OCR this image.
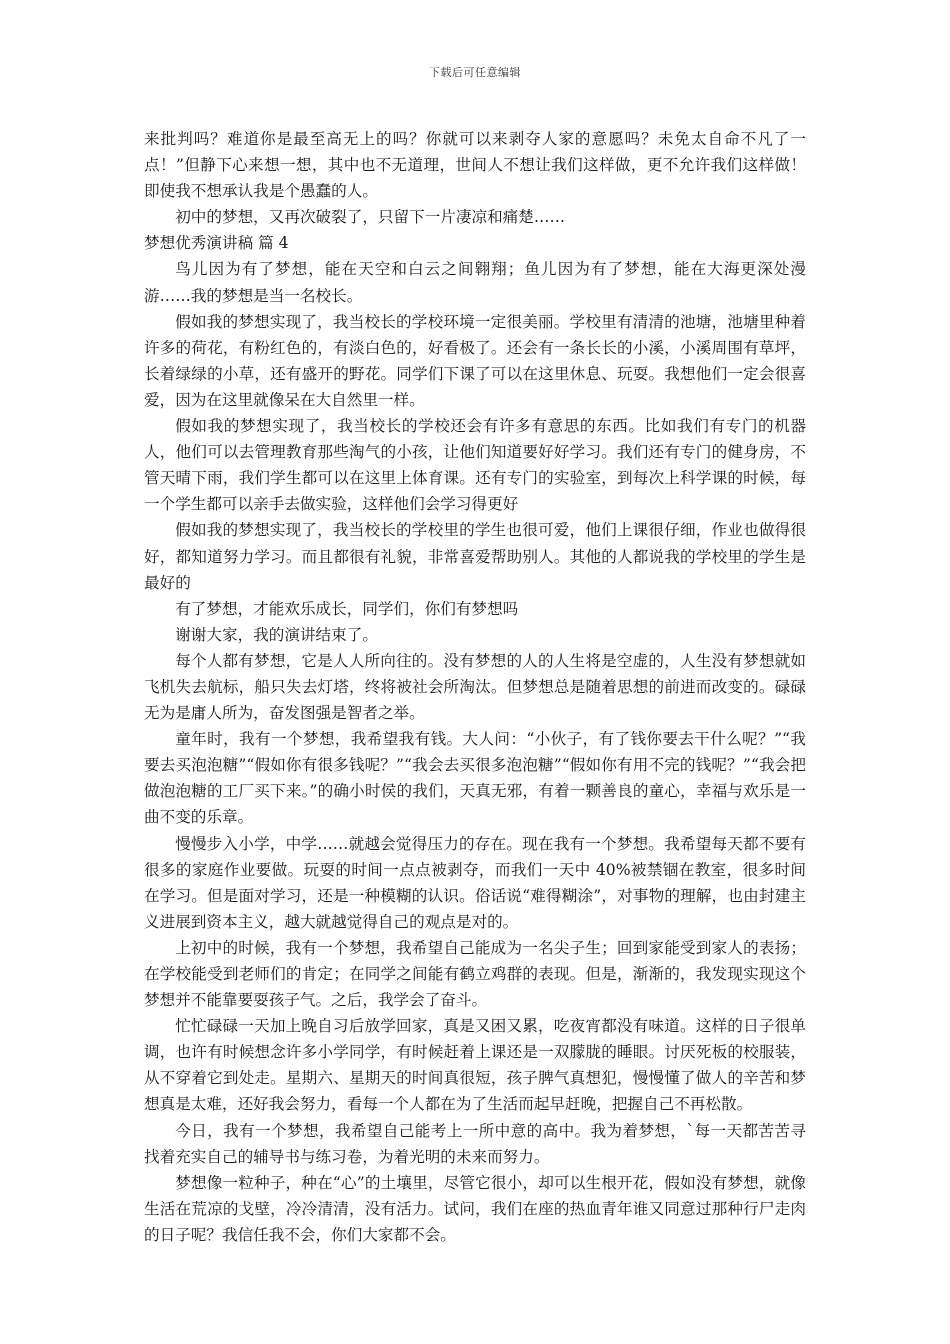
下载后可任意编辑

来批判吗？难道你是最至高无上的吗？你就可以来剥夺人家的意愿吗？未免太自命不凡了一点！”但静下心来想一想，其中也不无道理，世间人不想让我们这样做，更不允许我们这样做！即使我不想承认我是个愚蠢的人。

初中的梦想，又再次破裂了，只留下一片凄凉和痛楚……

梦想优秀演讲稿 篇 4

鸟儿因为有了梦想，能在天空和白云之间翱翔；鱼儿因为有了梦想，能在大海更深处漫游……我的梦想是当一名校长。

假如我的梦想实现了，我当校长的学校环境一定很美丽。学校里有清清的池塘，池塘里种着许多的荷花，有粉红色的，有淡白色的，好看极了。还会有一条长长的小溪，小溪周围有草坪，长着绿绿的小草，还有盛开的野花。同学们下课了可以在这里休息、玩耍。我想他们一定会很喜爱，因为在这里就像呆在大自然里一样。

假如我的梦想实现了，我当校长的学校还会有许多有意思的东西。比如我们有专门的机器人，他们可以去管理教育那些淘气的小孩，让他们知道要好好学习。我们还有专门的健身房，不管天晴下雨，我们学生都可以在这里上体育课。还有专门的实验室，到每次上科学课的时候，每一个学生都可以亲手去做实验，这样他们会学习得更好

假如我的梦想实现了，我当校长的学校里的学生也很可爱，他们上课很仔细，作业也做得很好，都知道努力学习。而且都很有礼貌，非常喜爱帮助别人。其他的人都说我的学校里的学生是最好的

有了梦想，才能欢乐成长，同学们，你们有梦想吗

谢谢大家，我的演讲结束了。

每个人都有梦想，它是人人所向往的。没有梦想的人的人生将是空虚的，人生没有梦想就如飞机失去航标，船只失去灯塔，终将被社会所淘汰。但梦想总是随着思想的前进而改变的。碌碌无为是庸人所为，奋发图强是智者之举。

童年时，我有一个梦想，我希望我有钱。大人问：“小伙子，有了钱你要去干什么呢？”“我要去买泡泡糖”“假如你有很多钱呢？”“我会去买很多泡泡糖”“假如你有用不完的钱呢？”“我会把做泡泡糖的工厂买下来。”的确小时侯的我们，天真无邪，有着一颗善良的童心，幸福与欢乐是一曲不变的乐章。

慢慢步入小学，中学……就越会觉得压力的存在。现在我有一个梦想。我希望每天都不要有很多的家庭作业要做。玩耍的时间一点点被剥夺，而我们一天中 40%被禁锢在教室，很多时间在学习。但是面对学习，还是一种模糊的认识。俗话说“难得糊涂”，对事物的理解，也由封建主义进展到资本主义，越大就越觉得自己的观点是对的。

上初中的时候，我有一个梦想，我希望自己能成为一名尖子生；回到家能受到家人的表扬；在学校能受到老师们的肯定；在同学之间能有鹤立鸡群的表现。但是，渐渐的，我发现实现这个梦想并不能靠要耍孩子气。之后，我学会了奋斗。

忙忙碌碌一天加上晚自习后放学回家，真是又困又累，吃夜宵都没有味道。这样的日子很单调，也许有时候想念许多小学同学，有时候赶着上课还是一双朦胧的睡眼。讨厌死板的校服装，从不穿着它到处走。星期六、星期天的时间真很短，孩子脾气真想犯，慢慢懂了做人的辛苦和梦想真是太难，还好我会努力，看每一个人都在为了生活而起早赶晚，把握自己不再松散。

今日，我有一个梦想，我希望自己能考上一所中意的高中。我为着梦想，`每一天都苦苦寻找着充实自己的辅导书与练习卷，为着光明的未来而努力。

梦想像一粒种子，种在“心”的土壤里，尽管它很小，却可以生根开花，假如没有梦想，就像生活在荒凉的戈壁，冷冷清清，没有活力。试问，我们在座的热血青年谁又同意过那种行尸走肉的日子呢？我信任我不会，你们大家都不会。
